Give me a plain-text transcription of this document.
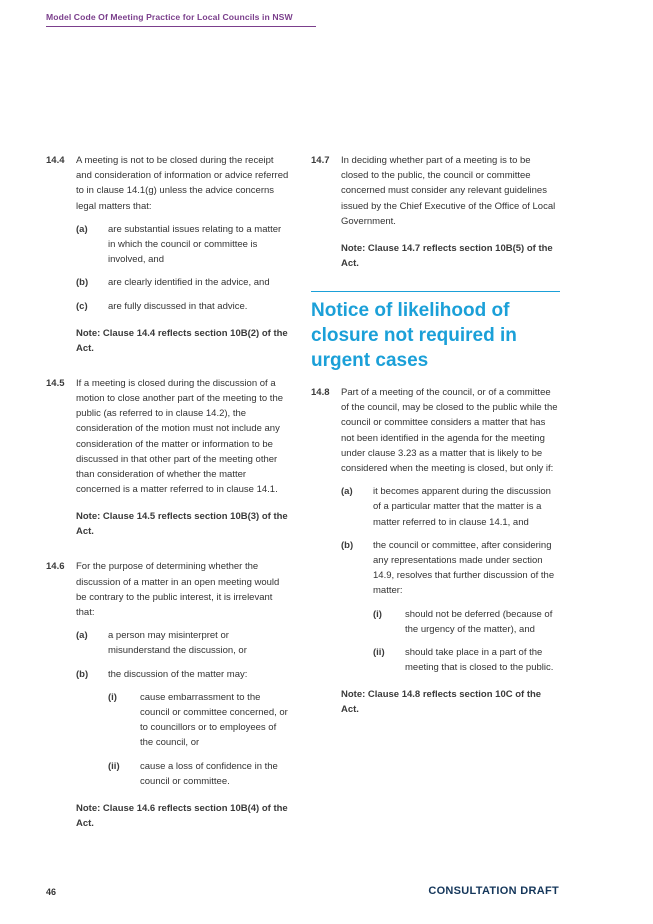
Model Code Of Meeting Practice for Local Councils in NSW
14.4	A meeting is not to be closed during the receipt and consideration of information or advice referred to in clause 14.1(g) unless the advice concerns legal matters that:
(a)	are substantial issues relating to a matter in which the council or committee is involved, and
(b)	are clearly identified in the advice, and
(c)	are fully discussed in that advice.
Note: Clause 14.4 reflects section 10B(2) of the Act.
14.5	If a meeting is closed during the discussion of a motion to close another part of the meeting to the public (as referred to in clause 14.2), the consideration of the motion must not include any consideration of the matter or information to be discussed in that other part of the meeting other than consideration of whether the matter concerned is a matter referred to in clause 14.1.
Note: Clause 14.5 reflects section 10B(3) of the Act.
14.6	For the purpose of determining whether the discussion of a matter in an open meeting would be contrary to the public interest, it is irrelevant that:
(a)	a person may misinterpret or misunderstand the discussion, or
(b)	the discussion of the matter may:
(i)	cause embarrassment to the council or committee concerned, or to councillors or to employees of the council, or
(ii)	cause a loss of confidence in the council or committee.
Note: Clause 14.6 reflects section 10B(4) of the Act.
14.7	In deciding whether part of a meeting is to be closed to the public, the council or committee concerned must consider any relevant guidelines issued by the Chief Executive of the Office of Local Government.
Note: Clause 14.7 reflects section 10B(5) of the Act.
Notice of likelihood of closure not required in urgent cases
14.8	Part of a meeting of the council, or of a committee of the council, may be closed to the public while the council or committee considers a matter that has not been identified in the agenda for the meeting under clause 3.23 as a matter that is likely to be considered when the meeting is closed, but only if:
(a)	it becomes apparent during the discussion of a particular matter that the matter is a matter referred to in clause 14.1, and
(b)	the council or committee, after considering any representations made under section 14.9, resolves that further discussion of the matter:
(i)	should not be deferred (because of the urgency of the matter), and
(ii)	should take place in a part of the meeting that is closed to the public.
Note: Clause 14.8 reflects section 10C of the Act.
46	CONSULTATION DRAFT
